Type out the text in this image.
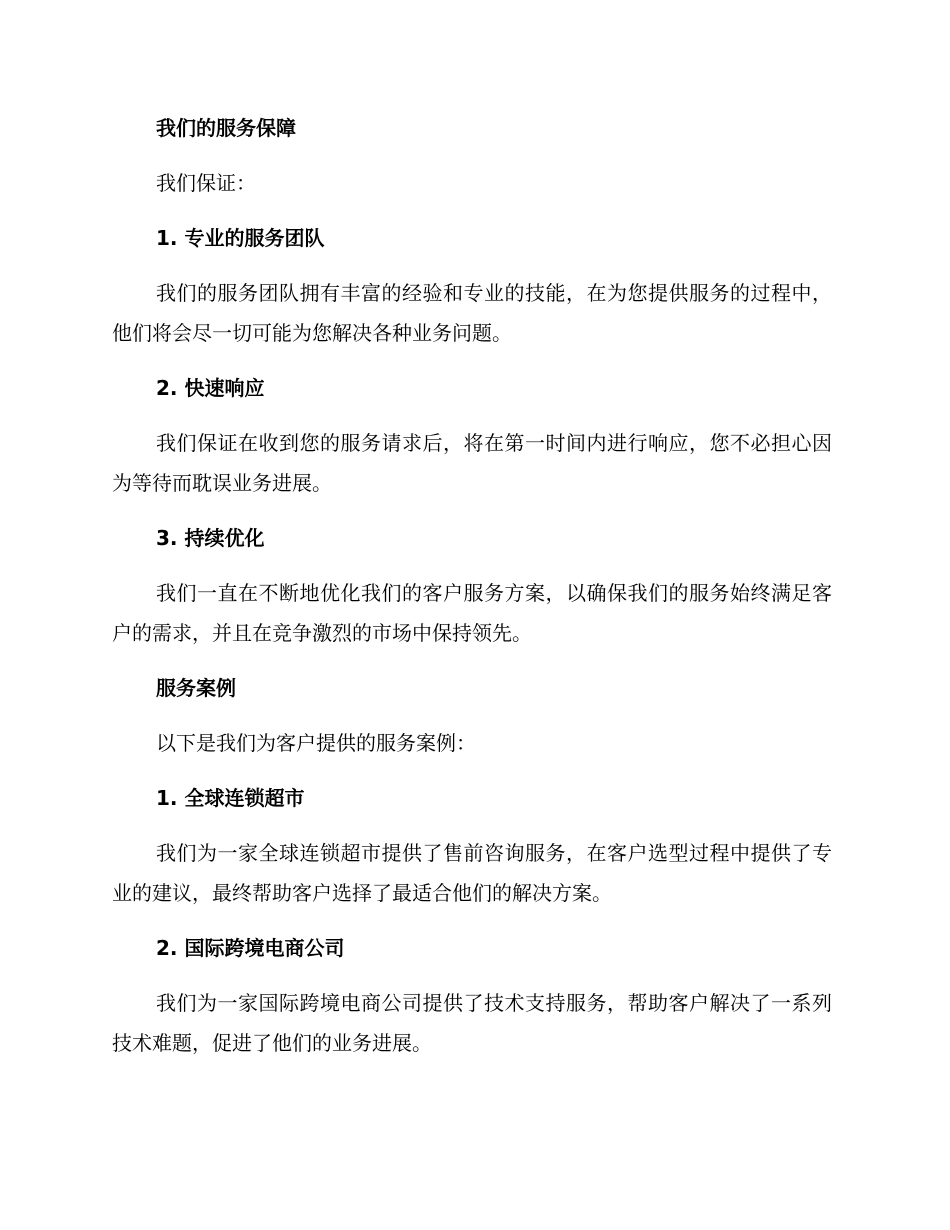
我们的服务保障

我们保证：

1. 专业的服务团队

我们的服务团队拥有丰富的经验和专业的技能，在为您提供服务的过程中，他们将会尽一切可能为您解决各种业务问题。

2. 快速响应

我们保证在收到您的服务请求后，将在第一时间内进行响应，您不必担心因为等待而耽误业务进展。

3. 持续优化

我们一直在不断地优化我们的客户服务方案，以确保我们的服务始终满足客户的需求，并且在竞争激烈的市场中保持领先。

服务案例

以下是我们为客户提供的服务案例：

1. 全球连锁超市

我们为一家全球连锁超市提供了售前咨询服务，在客户选型过程中提供了专业的建议，最终帮助客户选择了最适合他们的解决方案。

2. 国际跨境电商公司

我们为一家国际跨境电商公司提供了技术支持服务，帮助客户解决了一系列技术难题，促进了他们的业务进展。
